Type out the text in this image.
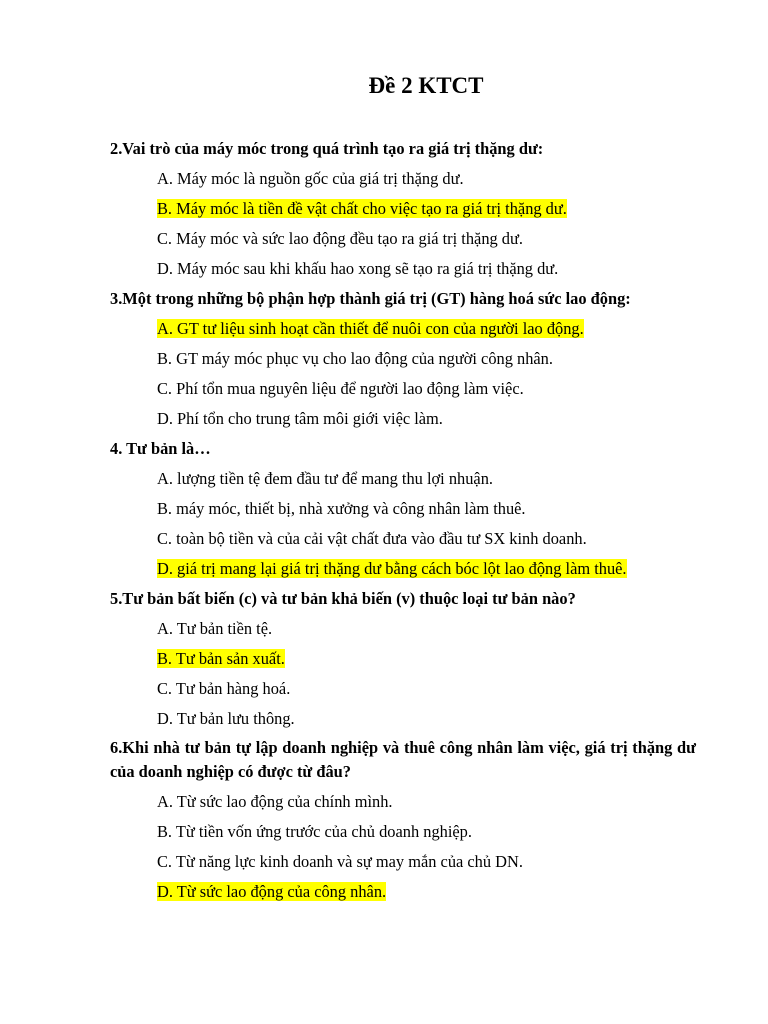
Đề 2 KTCT

2.Vai trò của máy móc trong quá trình tạo ra giá trị thặng dư:

A. Máy móc là nguồn gốc của giá trị thặng dư.

B. Máy móc là tiền đề vật chất cho việc tạo ra giá trị thặng dư.

C. Máy móc và sức lao động đều tạo ra giá trị thặng dư.

D. Máy móc sau khi khấu hao xong sẽ tạo ra giá trị thặng dư.

3.Một trong những bộ phận hợp thành giá trị (GT) hàng hoá sức lao động:

A. GT tư liệu sinh hoạt cần thiết để nuôi con của người lao động.

B. GT máy móc phục vụ cho lao động của người công nhân.

C. Phí tổn mua nguyên liệu để người lao động làm việc.

D. Phí tổn cho trung tâm môi giới việc làm.

4. Tư bản là…

A. lượng tiền tệ đem đầu tư để mang thu lợi nhuận.

B. máy móc, thiết bị, nhà xưởng và công nhân làm thuê.

C. toàn bộ tiền và của cải vật chất đưa vào đầu tư SX kinh doanh.

D. giá trị mang lại giá trị thặng dư bằng cách bóc lột lao động làm thuê.

5.Tư bản bất biến (c) và tư bản khả biến (v) thuộc loại tư bản nào?

A. Tư bản tiền tệ.

B. Tư bản sản xuất.

C. Tư bản hàng hoá.

D. Tư bản lưu thông.

6.Khi nhà tư bản tự lập doanh nghiệp và thuê công nhân làm việc, giá trị thặng dư của doanh nghiệp có được từ đâu?

A. Từ sức lao động của chính mình.

B. Từ tiền vốn ứng trước của chủ doanh nghiệp.

C. Từ năng lực kinh doanh và sự may mắn của chủ DN.

D. Từ sức lao động của công nhân.
